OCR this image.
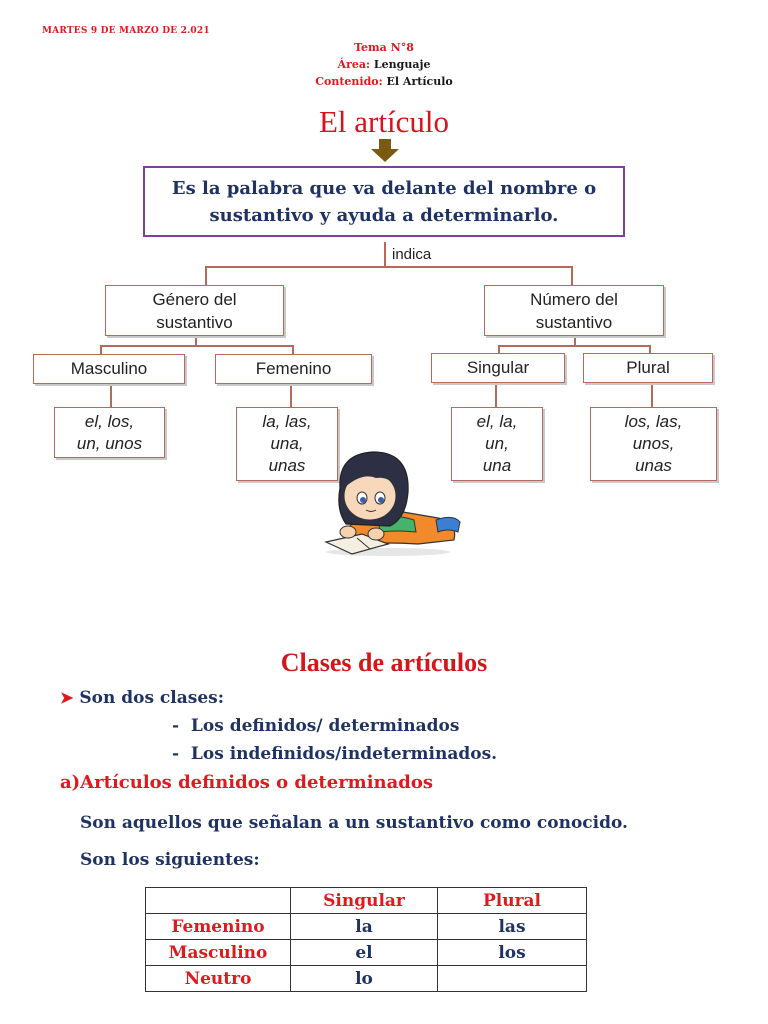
MARTES 9 DE MARZO DE 2.021
Tema N°8
Área: Lenguaje
Contenido: El Artículo
El artículo
Es la palabra que va delante del nombre o
sustantivo y ayuda a determinarlo.
indica
Género del
sustantivo
Número del
sustantivo
Masculino	Femenino	Singular	Plural
el, los,
un, unos
la, las,
una,
unas
el, la,
un,
una
los, las,
unos,
unas
Clases de artículos
➤ Son dos clases:
-  Los definidos/ determinados
-  Los indefinidos/indeterminados.
a)Artículos definidos o determinados
Son aquellos que señalan a un sustantivo como conocido.
Son los siguientes:
	Singular	Plural
Femenino	la	las
Masculino	el	los
Neutro	lo	
